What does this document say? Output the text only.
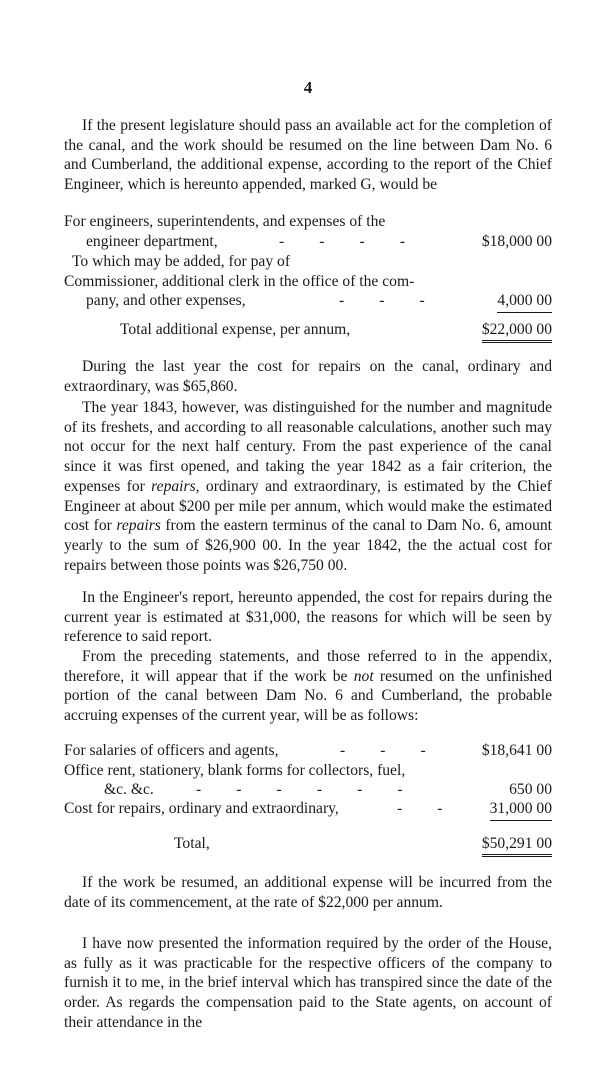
4

If the present legislature should pass an available act for the completion of the canal, and the work should be resumed on the line between Dam No. 6 and Cumberland, the additional expense, according to the report of the Chief Engineer, which is hereunto appended, marked G, would be

For engineers, superintendents, and expenses of the
engineer department,	-         -         -         -	$18,000 00
To which may be added, for pay of
Commissioner, additional clerk in the office of the com-
pany, and other expenses,	-         -         -	4,000 00
Total additional expense, per annum,	$22,000 00

During the last year the cost for repairs on the canal, ordinary and extraordinary, was $65,860.

The year 1843, however, was distinguished for the number and magnitude of its freshets, and according to all reasonable calculations, another such may not occur for the next half century. From the past experience of the canal since it was first opened, and taking the year 1842 as a fair criterion, the expenses for repairs, ordinary and extraordinary, is estimated by the Chief Engineer at about $200 per mile per annum, which would make the estimated cost for repairs from the eastern terminus of the canal to Dam No. 6, amount yearly to the sum of $26,900 00. In the year 1842, the the actual cost for repairs between those points was $26,750 00.

In the Engineer's report, hereunto appended, the cost for repairs during the current year is estimated at $31,000, the reasons for which will be seen by reference to said report.

From the preceding statements, and those referred to in the appendix, therefore, it will appear that if the work be not resumed on the unfinished portion of the canal between Dam No. 6 and Cumberland, the probable accruing expenses of the current year, will be as follows:

For salaries of officers and agents,	-         -         -	$18,641 00
Office rent, stationery, blank forms for collectors, fuel,
&c. &c.	-         -         -         -         -         -	650 00
Cost for repairs, ordinary and extraordinary,	-         -	31,000 00
Total,	$50,291 00

If the work be resumed, an additional expense will be incurred from the date of its commencement, at the rate of $22,000 per annum.

I have now presented the information required by the order of the House, as fully as it was practicable for the respective officers of the company to furnish it to me, in the brief interval which has transpired since the date of the order. As regards the compensation paid to the State agents, on account of their attendance in the
